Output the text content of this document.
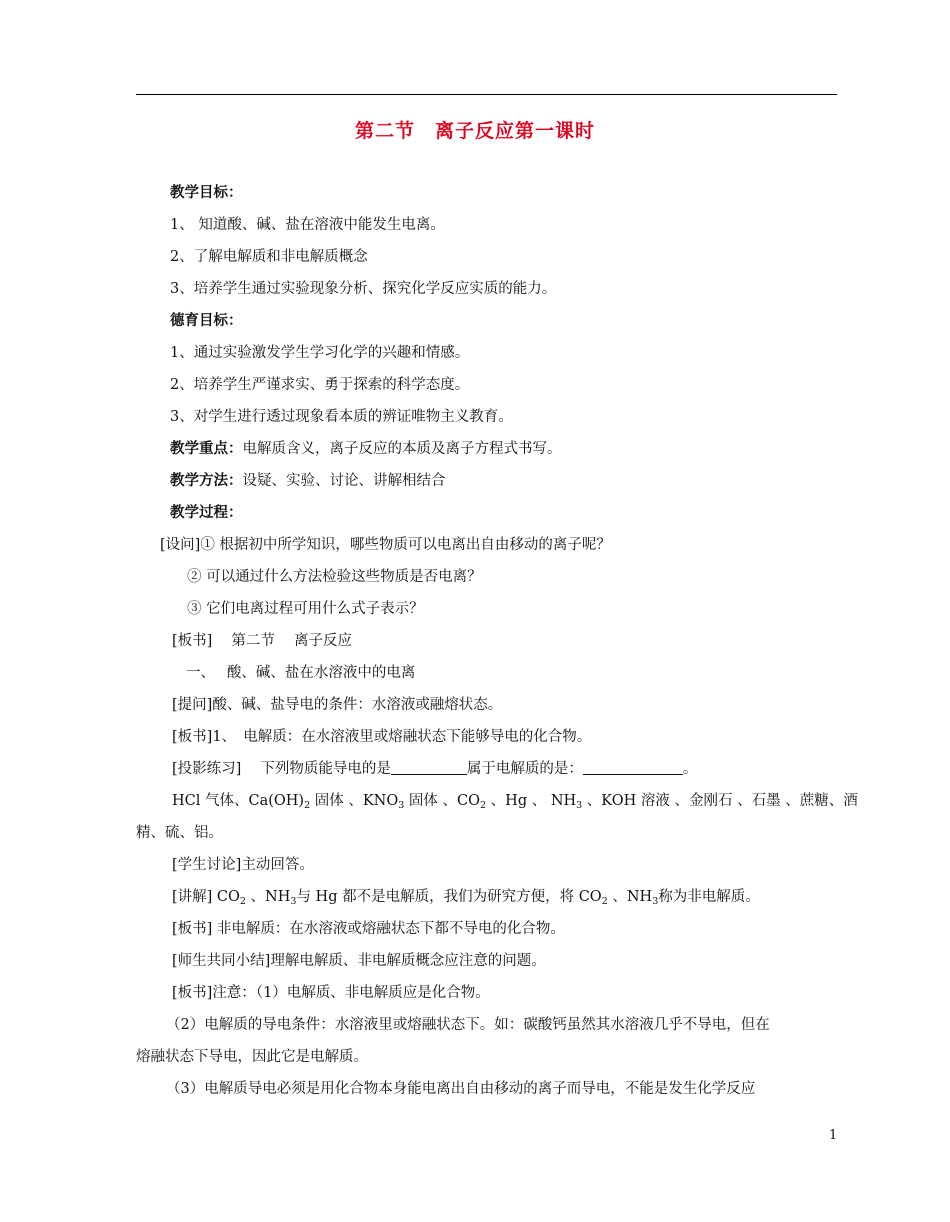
第二节　离子反应第一课时
教学目标：
1、 知道酸、碱、盐在溶液中能发生电离。
2、了解电解质和非电解质概念
3、培养学生通过实验现象分析、探究化学反应实质的能力。
德育目标：
1、通过实验激发学生学习化学的兴趣和情感。
2、培养学生严谨求实、勇于探索的科学态度。
3、对学生进行透过现象看本质的辨证唯物主义教育。
教学重点：电解质含义，离子反应的本质及离子方程式书写。
教学方法：设疑、实验、讨论、讲解相结合
教学过程：
[设问]① 根据初中所学知识，哪些物质可以电离出自由移动的离子呢？
② 可以通过什么方法检验这些物质是否电离？
③ 它们电离过程可用什么式子表示？
[板书]　 第二节　 离子反应
一、　 酸、碱、盐在水溶液中的电离
[提问]酸、碱、盐导电的条件：水溶液或融熔状态。
[板书]1、　电解质：在水溶液里或熔融状态下能够导电的化合物。
[投影练习]　 下列物质能导电的是	属于电解质的是：	。
HCl 气体、$Ca(OH)_2$ 固体 、$KNO_3$ 固体 、$CO_2$ 、Hg 、 $NH_3$ 、KOH 溶液 、金刚石 、石墨 、蔗糖、酒
精、硫、铝。
[学生讨论]主动回答。
[讲解] $CO_2$ 、$NH_3$与 Hg 都不是电解质，我们为研究方便，将 $CO_2$ 、$NH_3$称为非电解质。
[板书] 非电解质：在水溶液或熔融状态下都不导电的化合物。
[师生共同小结]理解电解质、非电解质概念应注意的问题。
[板书]注意：（1）电解质、非电解质应是化合物。
（2）电解质的导电条件：水溶液里或熔融状态下。如：碳酸钙虽然其水溶液几乎不导电，但在
熔融状态下导电，因此它是电解质。
（3）电解质导电必须是用化合物本身能电离出自由移动的离子而导电，不能是发生化学反应
1
